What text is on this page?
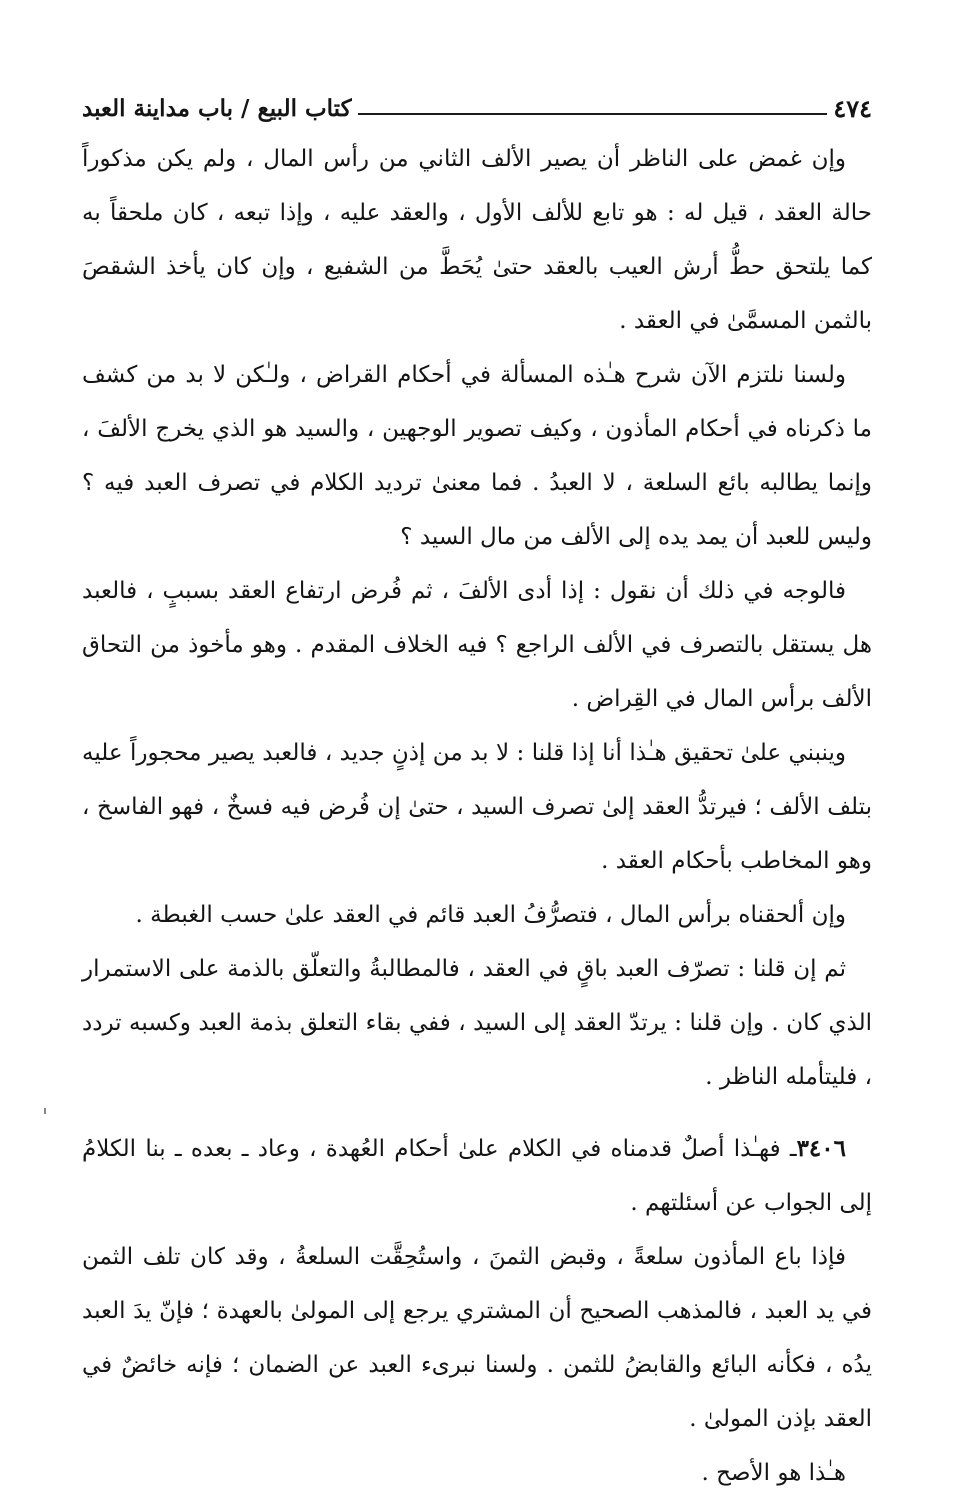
٤٧٤
كتاب البيع / باب مداينة العبد

وإن غمض على الناظر أن يصير الألف الثاني من رأس المال ، ولم يكن مذكوراً حالة العقد ، قيل له : هو تابع للألف الأول ، والعقد عليه ، وإذا تبعه ، كان ملحقاً به كما يلتحق حطُّ أرش العيب بالعقد حتىٰ يُحَطَّ من الشفيع ، وإن كان يأخذ الشقصَ بالثمن المسمَّىٰ في العقد .

ولسنا نلتزم الآن شرح هـٰذه المسألة في أحكام القراض ، ولـٰكن لا بد من كشف ما ذكرناه في أحكام المأذون ، وكيف تصوير الوجهين ، والسيد هو الذي يخرج الألفَ ، وإنما يطالبه بائع السلعة ، لا العبدُ . فما معنىٰ ترديد الكلام في تصرف العبد فيه ؟ وليس للعبد أن يمد يده إلى الألف من مال السيد ؟

فالوجه في ذلك أن نقول : إذا أدى الألفَ ، ثم فُرض ارتفاع العقد بسببٍ ، فالعبد هل يستقل بالتصرف في الألف الراجع ؟ فيه الخلاف المقدم . وهو مأخوذ من التحاق الألف برأس المال في القِراض .

وينبني علىٰ تحقيق هـٰذا أنا إذا قلنا : لا بد من إذنٍ جديد ، فالعبد يصير محجوراً عليه بتلف الألف ؛ فيرتدُّ العقد إلىٰ تصرف السيد ، حتىٰ إن فُرض فيه فسخٌ ، فهو الفاسخ ، وهو المخاطب بأحكام العقد .

وإن ألحقناه برأس المال ، فتصرُّفُ العبد قائم في العقد علىٰ حسب الغبطة .

ثم إن قلنا : تصرّف العبد باقٍ في العقد ، فالمطالبةُ والتعلّق بالذمة على الاستمرار الذي كان . وإن قلنا : يرتدّ العقد إلى السيد ، ففي بقاء التعلق بذمة العبد وكسبه تردد ، فليتأمله الناظر .

٣٤٠٦ـ فهـٰذا أصلٌ قدمناه في الكلام علىٰ أحكام العُهدة ، وعاد ـ بعده ـ بنا الكلامُ إلى الجواب عن أسئلتهم .

فإذا باع المأذون سلعةً ، وقبض الثمنَ ، واستُحِقَّت السلعةُ ، وقد كان تلف الثمن في يد العبد ، فالمذهب الصحيح أن المشتري يرجع إلى المولىٰ بالعهدة ؛ فإنّ يدَ العبد يدُه ، فكأنه البائع والقابضُ للثمن . ولسنا نبرىء العبد عن الضمان ؛ فإنه خائضٌ في العقد بإذن المولىٰ .

هـٰذا هو الأصح .
